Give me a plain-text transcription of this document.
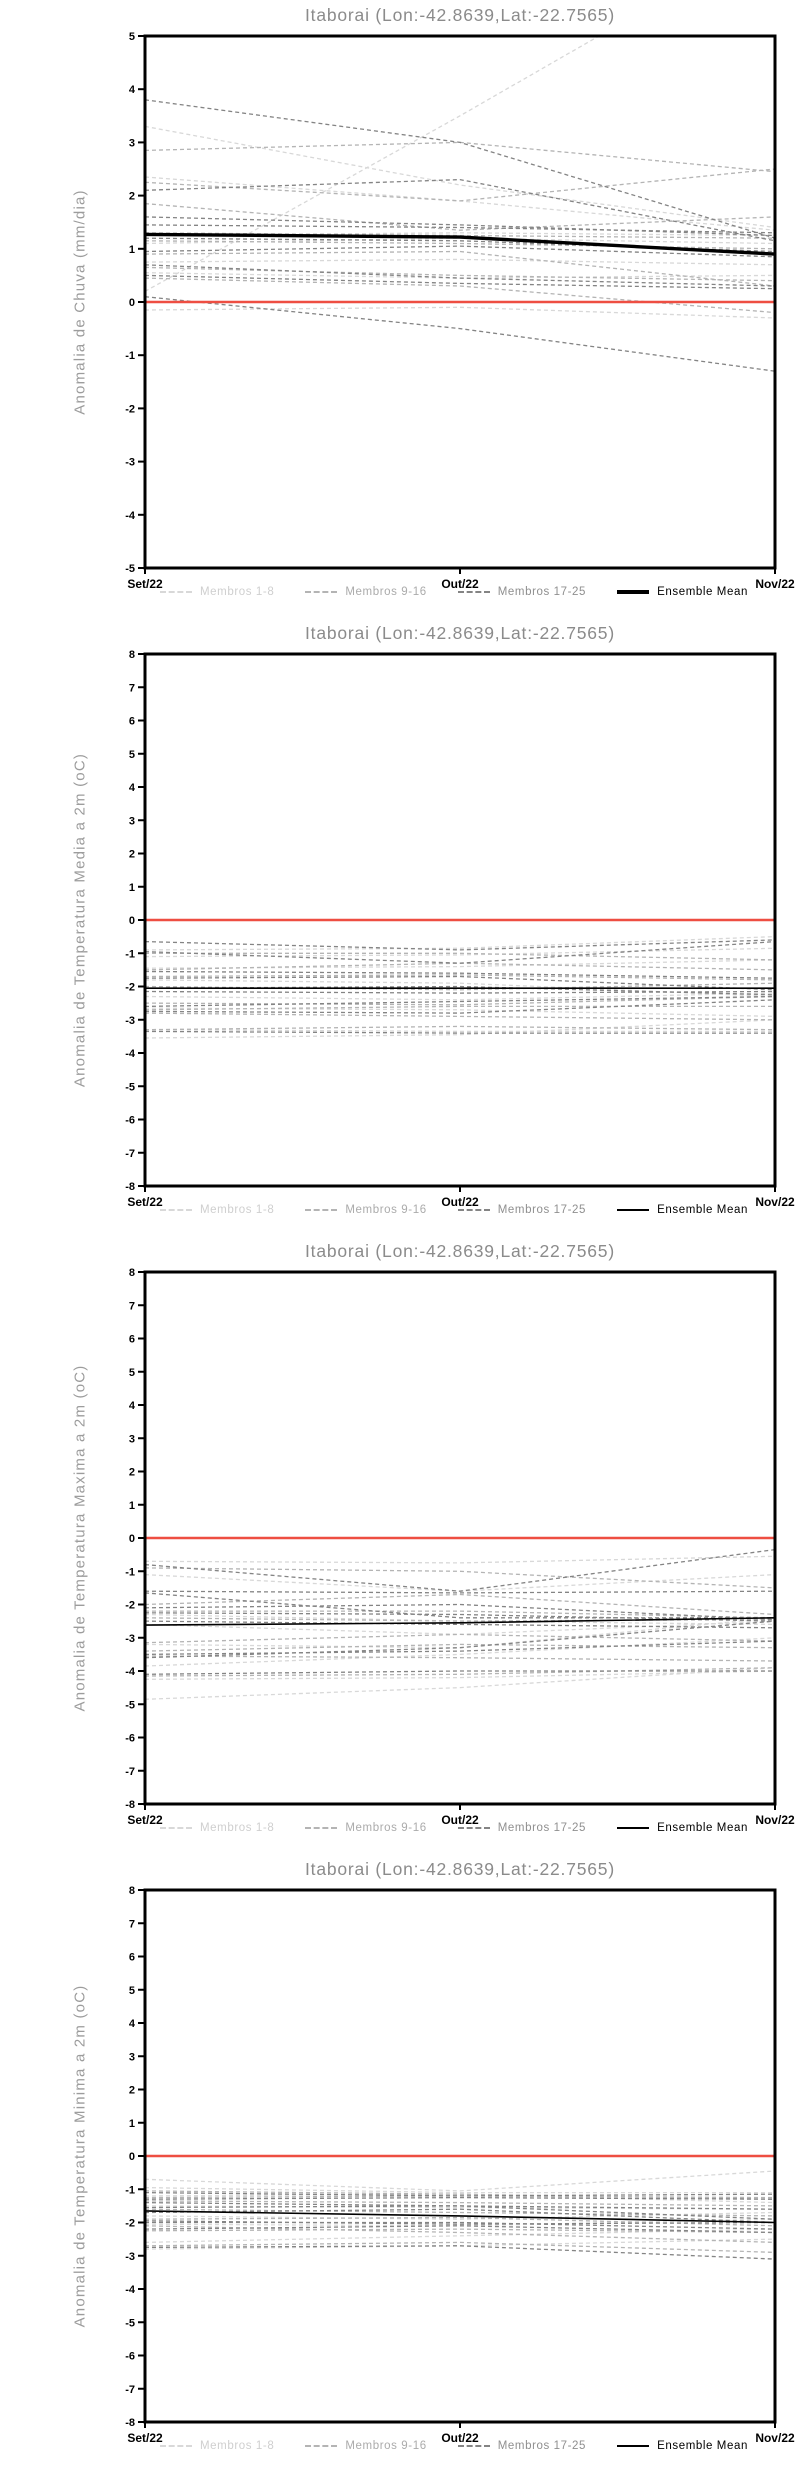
Itaborai (Lon:-42.8639,Lat:-22.7565)
Anomalia de Chuva (mm/dia)
5
4
3
2
1
0
-1
-2
-3
-4
-5
Set/22	Out/22	Nov/22
Membros 1-8	Membros 9-16	Membros 17-25	Ensemble Mean
Itaborai (Lon:-42.8639,Lat:-22.7565)
Anomalia de Temperatura Media a 2m (oC)
8
7
6
5
4
3
2
1
0
-1
-2
-3
-4
-5
-6
-7
-8
Set/22	Out/22	Nov/22
Membros 1-8	Membros 9-16	Membros 17-25	Ensemble Mean
Itaborai (Lon:-42.8639,Lat:-22.7565)
Anomalia de Temperatura Maxima a 2m (oC)
8
7
6
5
4
3
2
1
0
-1
-2
-3
-4
-5
-6
-7
-8
Set/22	Out/22	Nov/22
Membros 1-8	Membros 9-16	Membros 17-25	Ensemble Mean
Itaborai (Lon:-42.8639,Lat:-22.7565)
Anomalia de Temperatura Minima a 2m (oC)
8
7
6
5
4
3
2
1
0
-1
-2
-3
-4
-5
-6
-7
-8
Set/22	Out/22	Nov/22
Membros 1-8	Membros 9-16	Membros 17-25	Ensemble Mean
